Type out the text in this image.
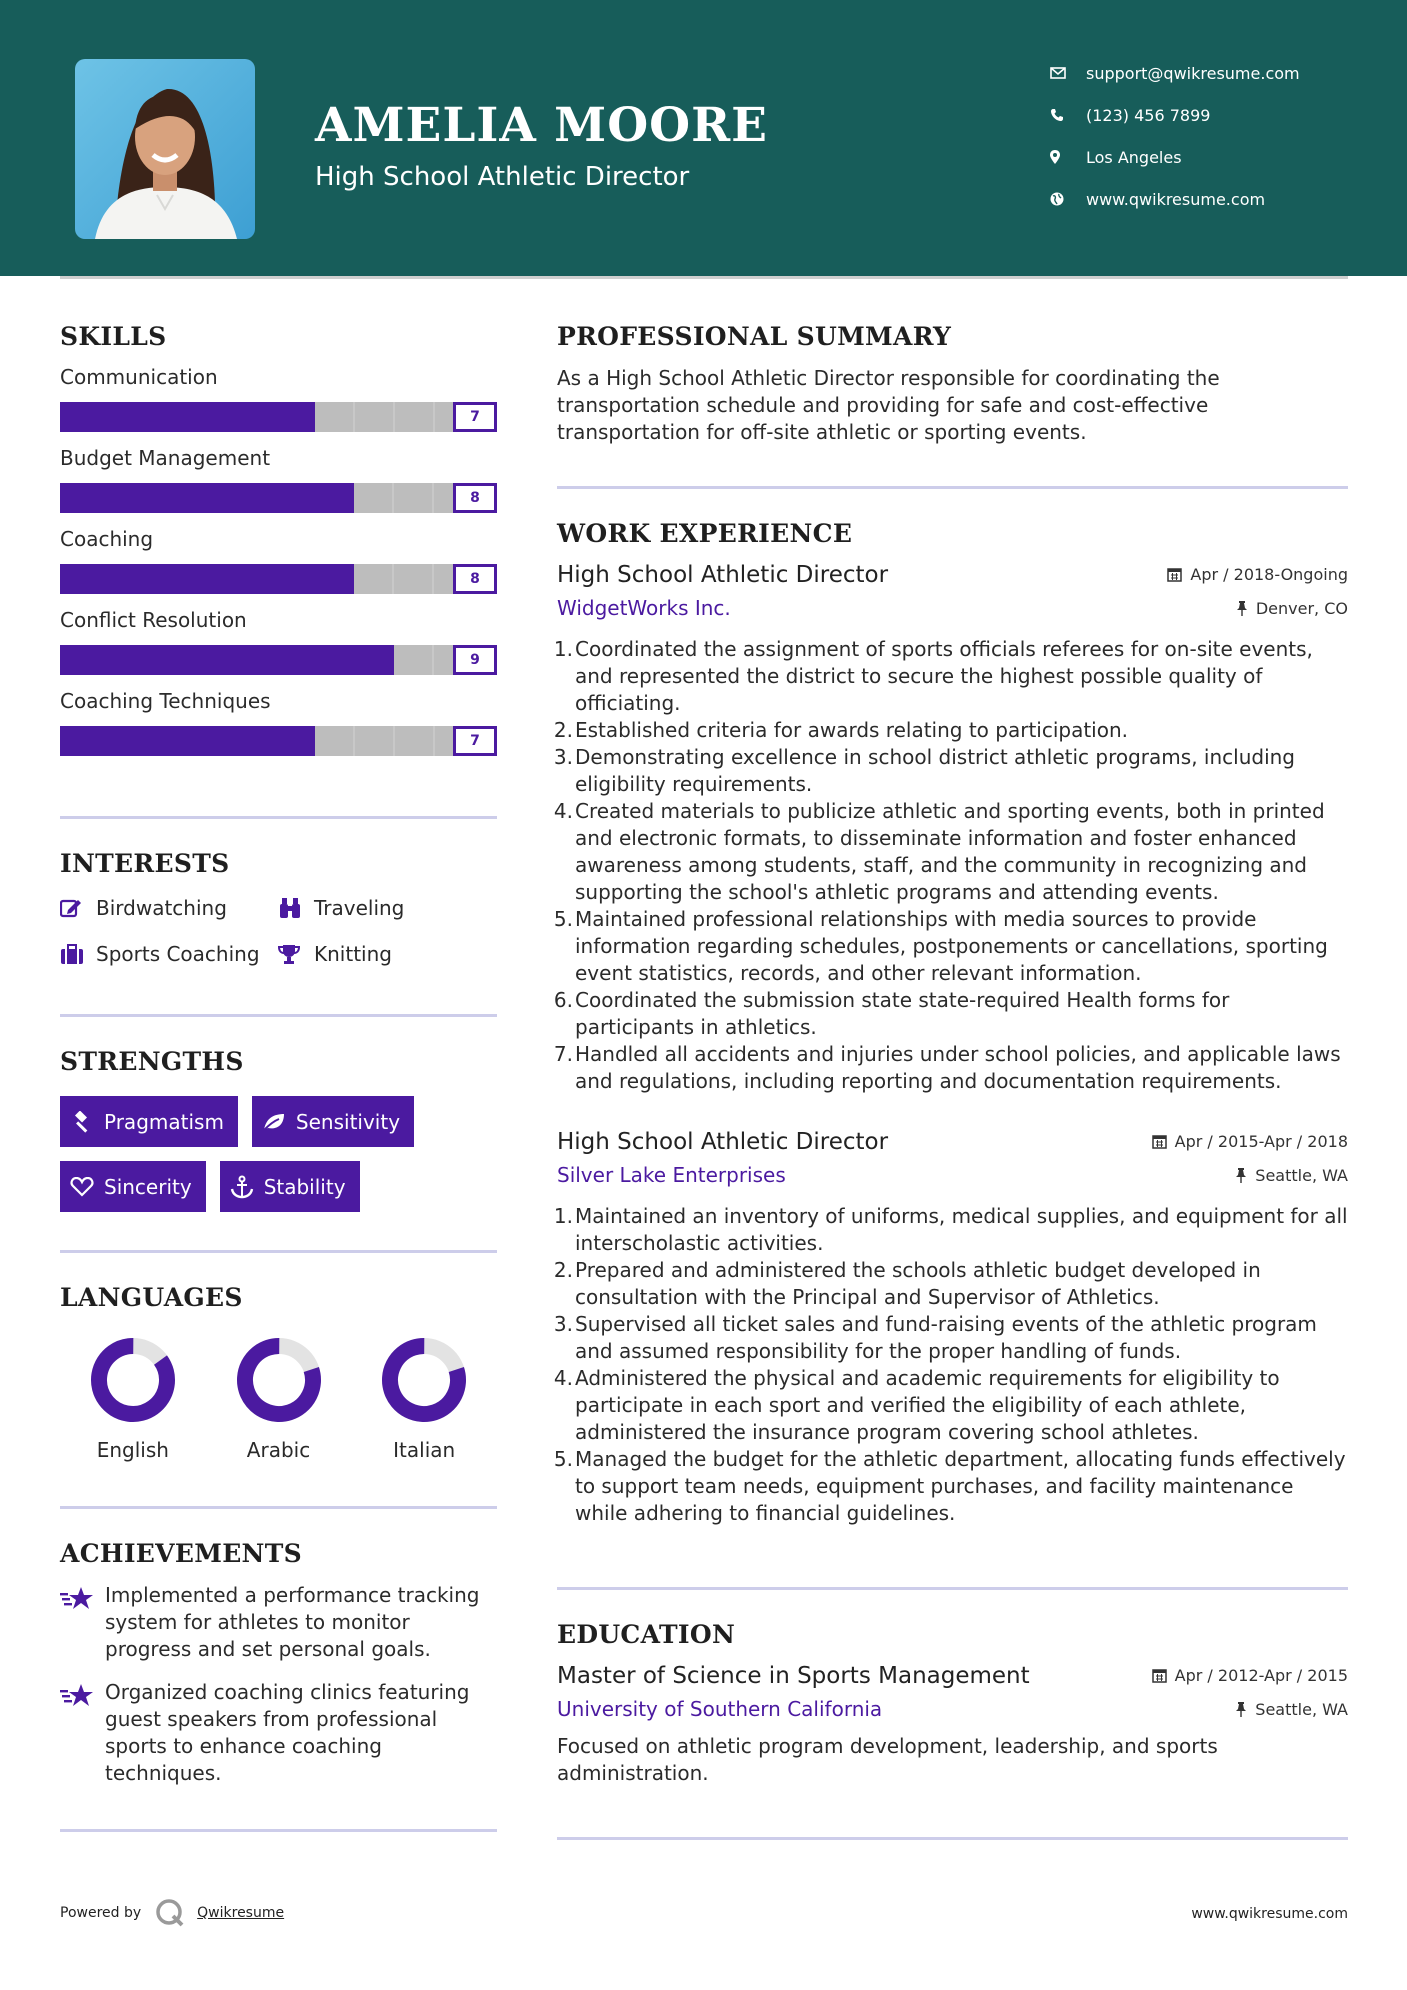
AMELIA MOORE
High School Athletic Director
support@qwikresume.com
(123) 456 7899
Los Angeles
www.qwikresume.com
SKILLS
Communication
7
Budget Management
8
Coaching
8
Conflict Resolution
9
Coaching Techniques
7
INTERESTS
Birdwatching	Traveling
Sports Coaching	Knitting
STRENGTHS
Pragmatism	Sensitivity
Sincerity	Stability
LANGUAGES
English	Arabic	Italian
ACHIEVEMENTS
Implemented a performance tracking system for athletes to monitor progress and set personal goals.
Organized coaching clinics featuring guest speakers from professional sports to enhance coaching techniques.
PROFESSIONAL SUMMARY
As a High School Athletic Director responsible for coordinating the transportation schedule and providing for safe and cost-effective transportation for off-site athletic or sporting events.
WORK EXPERIENCE
High School Athletic Director	Apr / 2018-Ongoing
WidgetWorks Inc.	Denver, CO
1. Coordinated the assignment of sports officials referees for on-site events, and represented the district to secure the highest possible quality of officiating.
2. Established criteria for awards relating to participation.
3. Demonstrating excellence in school district athletic programs, including eligibility requirements.
4. Created materials to publicize athletic and sporting events, both in printed and electronic formats, to disseminate information and foster enhanced awareness among students, staff, and the community in recognizing and supporting the school's athletic programs and attending events.
5. Maintained professional relationships with media sources to provide information regarding schedules, postponements or cancellations, sporting event statistics, records, and other relevant information.
6. Coordinated the submission state state-required Health forms for participants in athletics.
7. Handled all accidents and injuries under school policies, and applicable laws and regulations, including reporting and documentation requirements.
High School Athletic Director	Apr / 2015-Apr / 2018
Silver Lake Enterprises	Seattle, WA
1. Maintained an inventory of uniforms, medical supplies, and equipment for all interscholastic activities.
2. Prepared and administered the schools athletic budget developed in consultation with the Principal and Supervisor of Athletics.
3. Supervised all ticket sales and fund-raising events of the athletic program and assumed responsibility for the proper handling of funds.
4. Administered the physical and academic requirements for eligibility to participate in each sport and verified the eligibility of each athlete, administered the insurance program covering school athletes.
5. Managed the budget for the athletic department, allocating funds effectively to support team needs, equipment purchases, and facility maintenance while adhering to financial guidelines.
EDUCATION
Master of Science in Sports Management	Apr / 2012-Apr / 2015
University of Southern California	Seattle, WA
Focused on athletic program development, leadership, and sports administration.
Powered by	Qwikresume	www.qwikresume.com
